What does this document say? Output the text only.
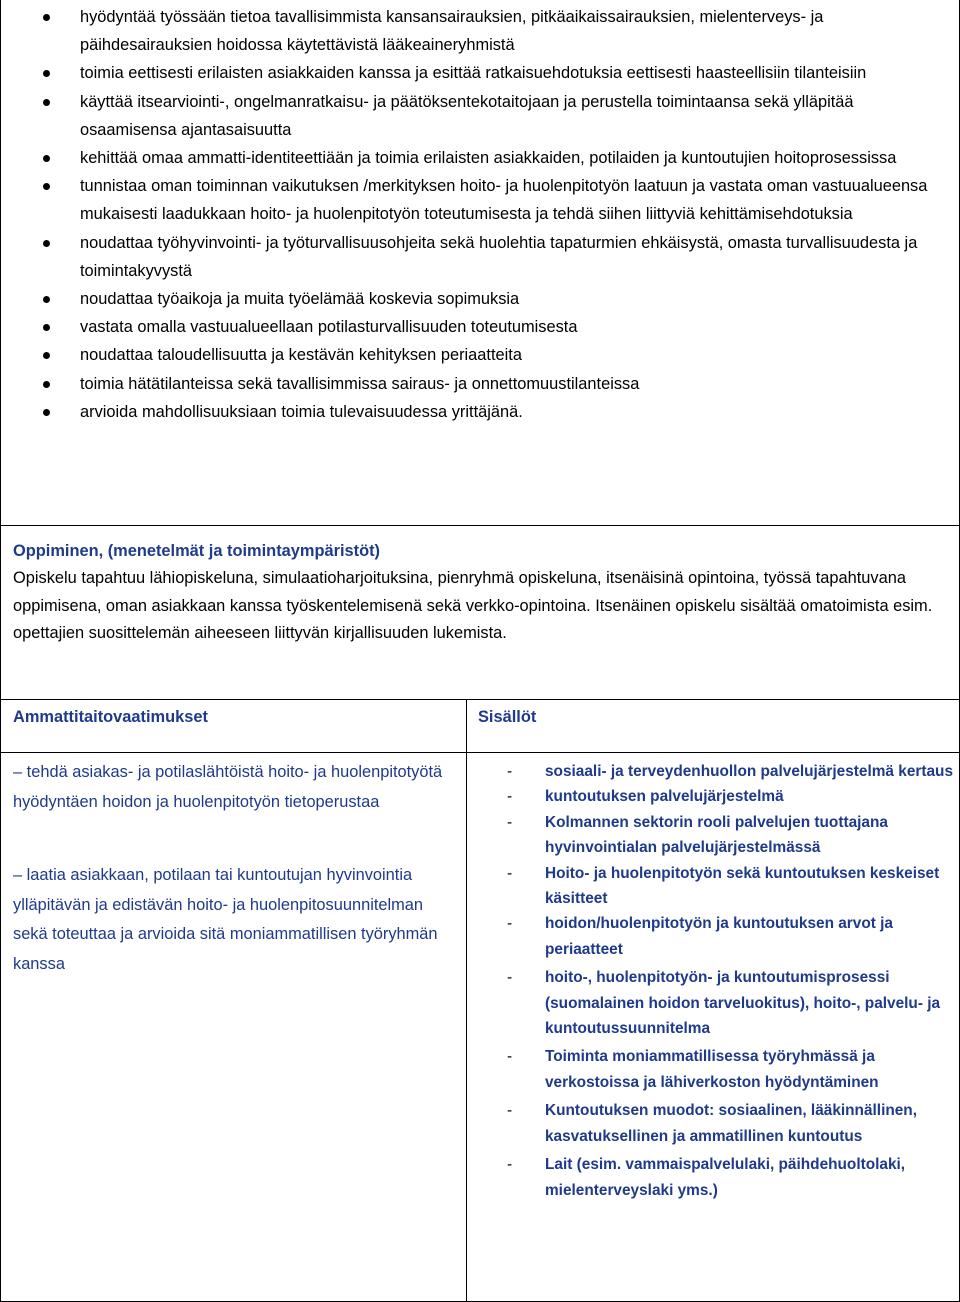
hyödyntää työssään tietoa tavallisimmista kansansairauksien, pitkäaikaissairauksien, mielenterveys- ja päihdesairauksien hoidossa käytettävistä lääkeaineryhmistä
toimia eettisesti erilaisten asiakkaiden kanssa ja esittää ratkaisuehdotuksia eettisesti haasteellisiin tilanteisiin
käyttää itsearviointi-, ongelmanratkaisu- ja päätöksentekotaitojaan ja perustella toimintaansa sekä ylläpitää osaamisensa ajantasaisuutta
kehittää omaa ammatti-identiteettiään ja toimia erilaisten asiakkaiden, potilaiden ja kuntoutujien hoitoprosessissa
tunnistaa oman toiminnan vaikutuksen /merkityksen hoito- ja huolenpitotyön laatuun ja vastata oman vastuualueensa mukaisesti laadukkaan hoito- ja huolenpitotyön toteutumisesta ja tehdä siihen liittyviä kehittämisehdotuksia
noudattaa työhyvinvointi- ja työturvallisuusohjeita sekä huolehtia tapaturmien ehkäisystä, omasta turvallisuudesta ja toimintakyvystä
noudattaa työaikoja ja muita työelämää koskevia sopimuksia
vastata omalla vastuualueellaan potilasturvallisuuden toteutumisesta
noudattaa taloudellisuutta ja kestävän kehityksen periaatteita
toimia hätätilanteissa sekä tavallisimmissa sairaus- ja onnettomuustilanteissa
arvioida mahdollisuuksiaan toimia tulevaisuudessa yrittäjänä.
Oppiminen, (menetelmät ja toimintaympäristöt)
Opiskelu tapahtuu lähiopiskeluna, simulaatioharjoituksina, pienryhmä opiskeluna, itsenäisinä opintoina, työssä tapahtuvana oppimisena, oman asiakkaan kanssa työskentelemisenä sekä verkko-opintoina. Itsenäinen opiskelu sisältää omatoimista esim. opettajien suosittelemän aiheeseen liittyvän kirjallisuuden lukemista.
Ammattitaitovaatimukset	Sisällöt
– tehdä asiakas- ja potilaslähtöistä hoito- ja huolenpitotyötä hyödyntäen hoidon ja huolenpitotyön tietoperustaa
– laatia asiakkaan, potilaan tai kuntoutujan hyvinvointia ylläpitävän ja edistävän hoito- ja huolenpitosuunnitelman sekä toteuttaa ja arvioida sitä moniammatillisen työryhmän kanssa
- sosiaali- ja terveydenhuollon palvelujärjestelmä kertaus
- kuntoutuksen palvelujärjestelmä
- Kolmannen sektorin rooli palvelujen tuottajana hyvinvointialan palvelujärjestelmässä
- Hoito- ja huolenpitotyön sekä kuntoutuksen keskeiset käsitteet
- hoidon/huolenpitotyön ja kuntoutuksen arvot ja periaatteet
- hoito-, huolenpitotyön- ja kuntoutumisprosessi (suomalainen hoidon tarveluokitus), hoito-, palvelu- ja kuntoutussuunnitelma
- Toiminta moniammatillisessa työryhmässä ja verkostoissa ja lähiverkoston hyödyntäminen
- Kuntoutuksen muodot: sosiaalinen, lääkinnällinen, kasvatuksellinen ja ammatillinen kuntoutus
- Lait (esim. vammaispalvelulaki, päihdehuoltolaki, mielenterveyslaki yms.)
